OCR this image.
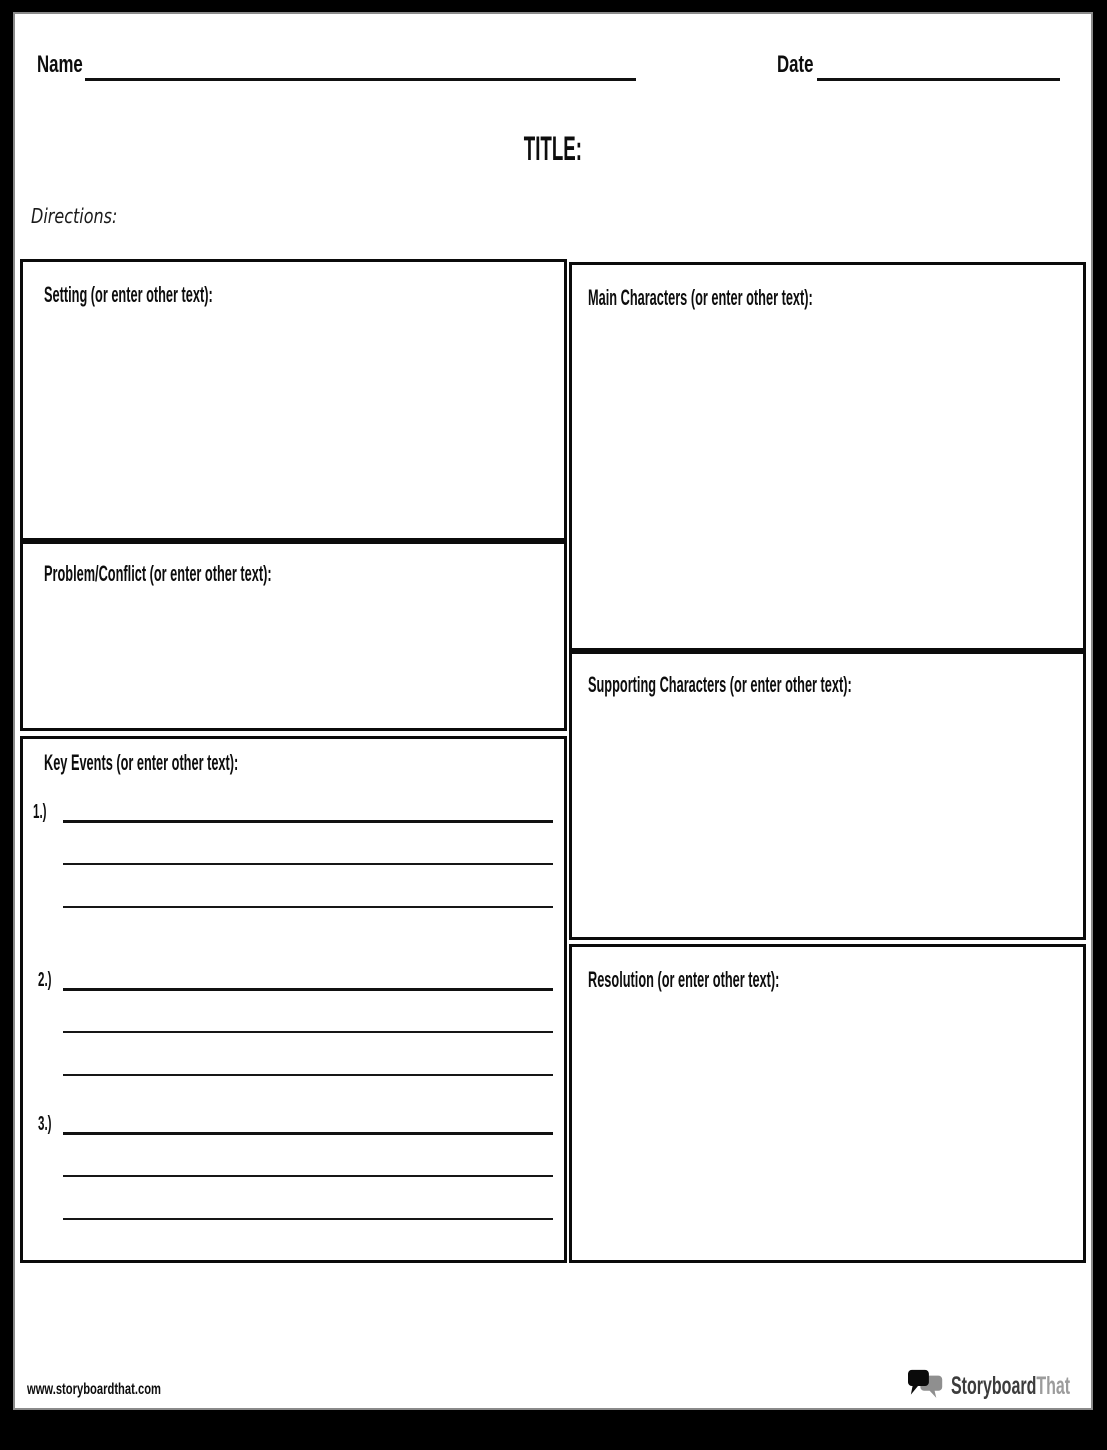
Name	Date
TITLE:
Directions:
Setting (or enter other text):
Problem/Conflict (or enter other text):
Key Events (or enter other text):
1.)
2.)
3.)
Main Characters (or enter other text):
Supporting Characters (or enter other text):
Resolution (or enter other text):
www.storyboardthat.com	StoryboardThat
